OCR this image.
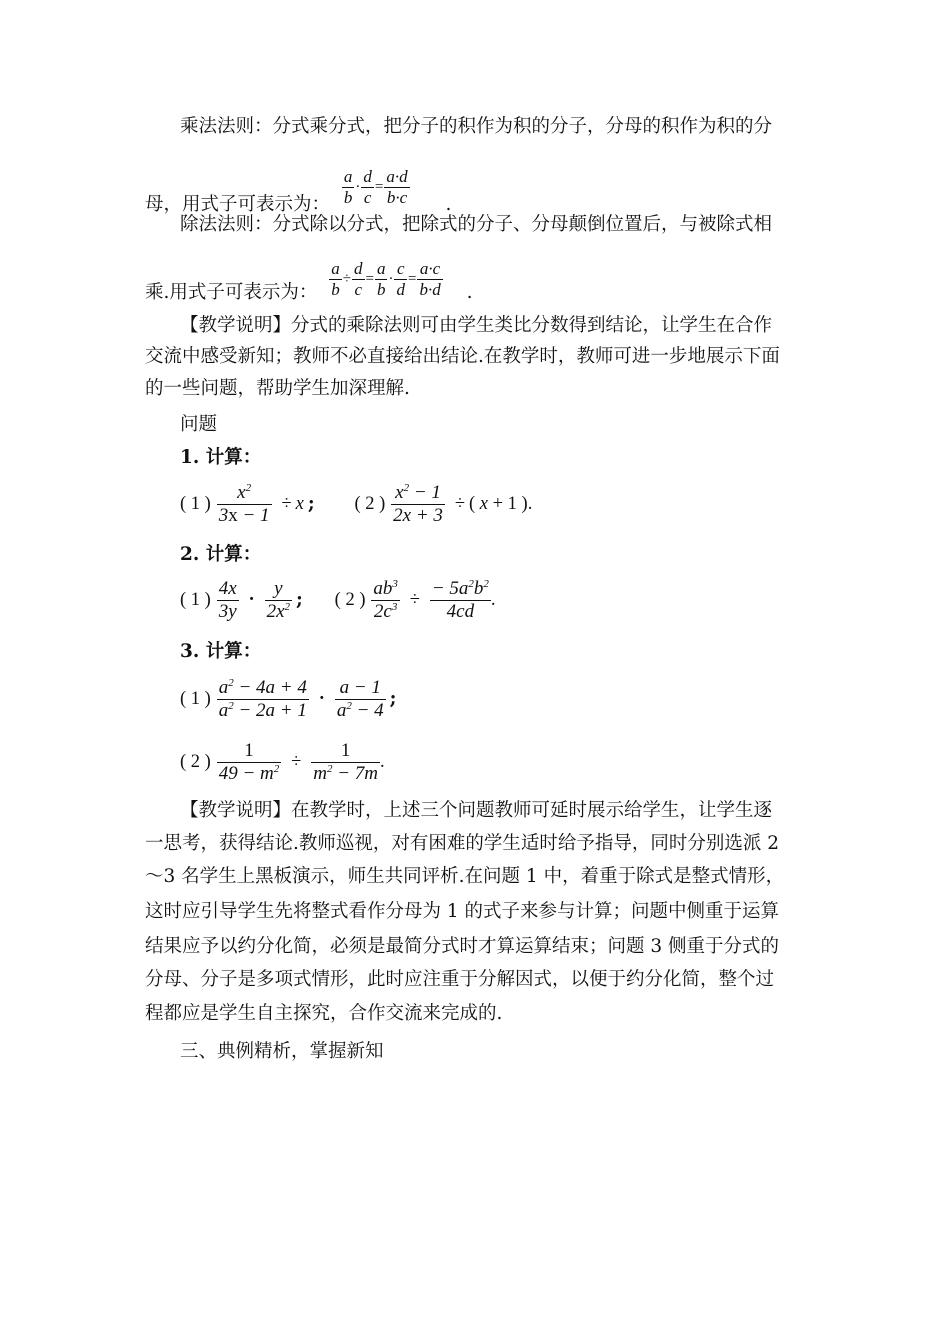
乘法法则：分式乘分式，把分子的积作为积的分子，分母的积作为积的分
母，用式子可表示为： $\frac{a}{b} \cdot \frac{d}{c} = \frac{a\cdot d}{b\cdot c}$ .
除法法则：分式除以分式，把除式的分子、分母颠倒位置后，与被除式相
乘.用式子可表示为： $\frac{a}{b} \div \frac{d}{c} = \frac{a}{b} \cdot \frac{c}{d} = \frac{a\cdot c}{b\cdot d}$ .
【教学说明】分式的乘除法则可由学生类比分数得到结论，让学生在合作
交流中感受新知；教师不必直接给出结论.在教学时，教师可进一步地展示下面
的一些问题，帮助学生加深理解.
问题
1. 计算：
( 1 ) $\frac{x^2}{3x - 1} \div x$ ; ( 2 ) $\frac{x^2 - 1}{2x + 3}$ ÷ ( x + 1 ).
2. 计算：
( 1 ) $\frac{4x}{3y} \cdot \frac{y}{2x^2}$ ; ( 2 ) $\frac{ab^3}{2c^3} \div \frac{- 5a^2b^2}{4cd}$ .
3. 计算：
( 1 ) $\frac{a^2 - 4a + 4}{a^2 - 2a + 1} \cdot \frac{a - 1}{a^2 - 4}$ ;
( 2 ) $\frac{1}{49 - m^2} \div \frac{1}{m^2 - 7m}$ .
【教学说明】在教学时，上述三个问题教师可延时展示给学生，让学生逐
一思考，获得结论.教师巡视，对有困难的学生适时给予指导，同时分别选派 2
～3 名学生上黑板演示，师生共同评析.在问题 1 中，着重于除式是整式情形，
这时应引导学生先将整式看作分母为 1 的式子来参与计算；问题中侧重于运算
结果应予以约分化简，必须是最简分式时才算运算结束；问题 3 侧重于分式的
分母、分子是多项式情形，此时应注重于分解因式，以便于约分化简，整个过
程都应是学生自主探究，合作交流来完成的.
三、典例精析，掌握新知
